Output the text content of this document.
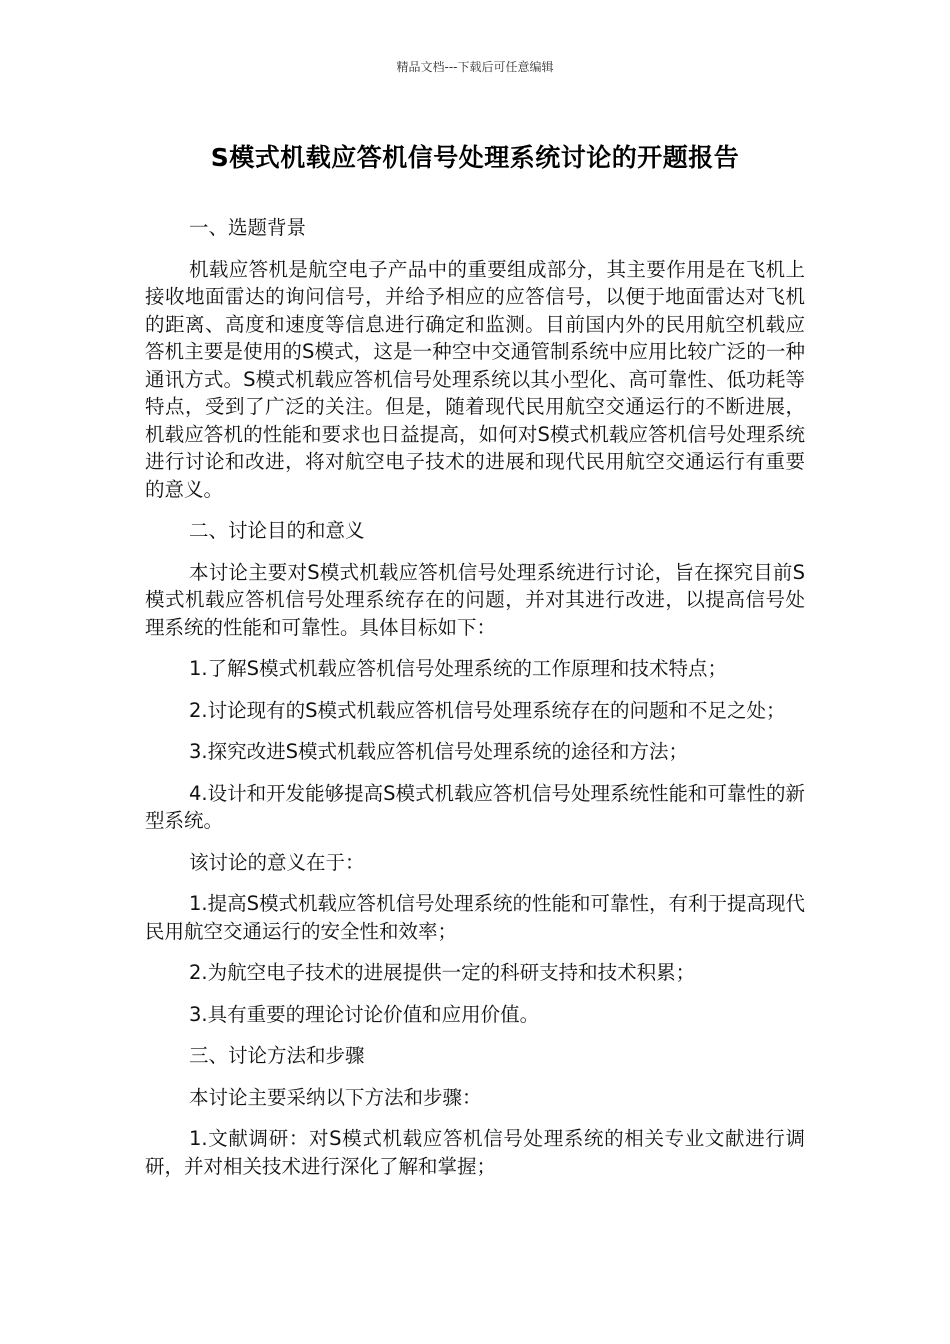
精品文档---下载后可任意编辑
S模式机载应答机信号处理系统讨论的开题报告

一、选题背景

机载应答机是航空电子产品中的重要组成部分，其主要作用是在飞机上接收地面雷达的询问信号，并给予相应的应答信号，以便于地面雷达对飞机的距离、高度和速度等信息进行确定和监测。目前国内外的民用航空机载应答机主要是使用的S模式，这是一种空中交通管制系统中应用比较广泛的一种通讯方式。S模式机载应答机信号处理系统以其小型化、高可靠性、低功耗等特点，受到了广泛的关注。但是，随着现代民用航空交通运行的不断进展，机载应答机的性能和要求也日益提高，如何对S模式机载应答机信号处理系统进行讨论和改进，将对航空电子技术的进展和现代民用航空交通运行有重要的意义。

二、讨论目的和意义

本讨论主要对S模式机载应答机信号处理系统进行讨论，旨在探究目前S模式机载应答机信号处理系统存在的问题，并对其进行改进，以提高信号处理系统的性能和可靠性。具体目标如下：

1.了解S模式机载应答机信号处理系统的工作原理和技术特点；

2.讨论现有的S模式机载应答机信号处理系统存在的问题和不足之处；

3.探究改进S模式机载应答机信号处理系统的途径和方法；

4.设计和开发能够提高S模式机载应答机信号处理系统性能和可靠性的新型系统。

该讨论的意义在于：

1.提高S模式机载应答机信号处理系统的性能和可靠性，有利于提高现代民用航空交通运行的安全性和效率；

2.为航空电子技术的进展提供一定的科研支持和技术积累；

3.具有重要的理论讨论价值和应用价值。

三、讨论方法和步骤

本讨论主要采纳以下方法和步骤：

1.文献调研：对S模式机载应答机信号处理系统的相关专业文献进行调研，并对相关技术进行深化了解和掌握；
